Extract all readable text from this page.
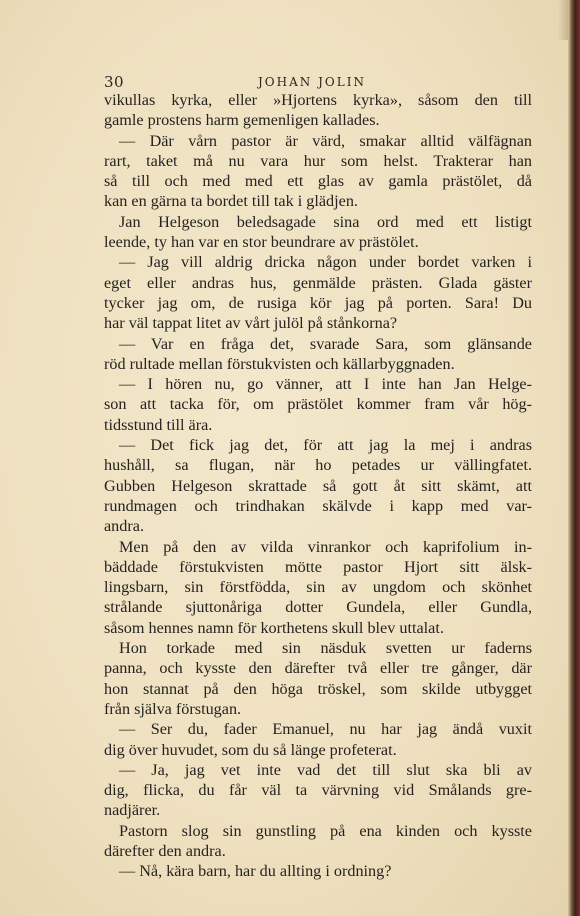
30	JOHAN JOLIN
vikullas kyrka, eller »Hjortens kyrka», såsom den till
gamle prostens harm gemenligen kallades.
— Där vårn pastor är värd, smakar alltid välfägnan
rart, taket må nu vara hur som helst. Trakterar han
så till och med med ett glas av gamla prästölet, då
kan en gärna ta bordet till tak i glädjen.
Jan Helgeson beledsagade sina ord med ett listigt
leende, ty han var en stor beundrare av prästölet.
— Jag vill aldrig dricka någon under bordet varken i
eget eller andras hus, genmälde prästen. Glada gäster
tycker jag om, de rusiga kör jag på porten. Sara! Du
har väl tappat litet av vårt julöl på stånkorna?
— Var en fråga det, svarade Sara, som glänsande
röd rultade mellan förstukvisten och källarbyggnaden.
— I hören nu, go vänner, att I inte han Jan Helge-
son att tacka för, om prästölet kommer fram vår hög-
tidsstund till ära.
— Det fick jag det, för att jag la mej i andras
hushåll, sa flugan, när ho petades ur vällingfatet.
Gubben Helgeson skrattade så gott åt sitt skämt, att
rundmagen och trindhakan skälvde i kapp med var-
andra.
Men på den av vilda vinrankor och kaprifolium in-
bäddade förstukvisten mötte pastor Hjort sitt älsk-
lingsbarn, sin förstfödda, sin av ungdom och skönhet
strålande sjuttonåriga dotter Gundela, eller Gundla,
såsom hennes namn för korthetens skull blev uttalat.
Hon torkade med sin näsduk svetten ur faderns
panna, och kysste den därefter två eller tre gånger, där
hon stannat på den höga tröskel, som skilde utbygget
från själva förstugan.
— Ser du, fader Emanuel, nu har jag ändå vuxit
dig över huvudet, som du så länge profeterat.
— Ja, jag vet inte vad det till slut ska bli av
dig, flicka, du får väl ta värvning vid Smålands gre-
nadjärer.
Pastorn slog sin gunstling på ena kinden och kysste
därefter den andra.
— Nå, kära barn, har du allting i ordning?
